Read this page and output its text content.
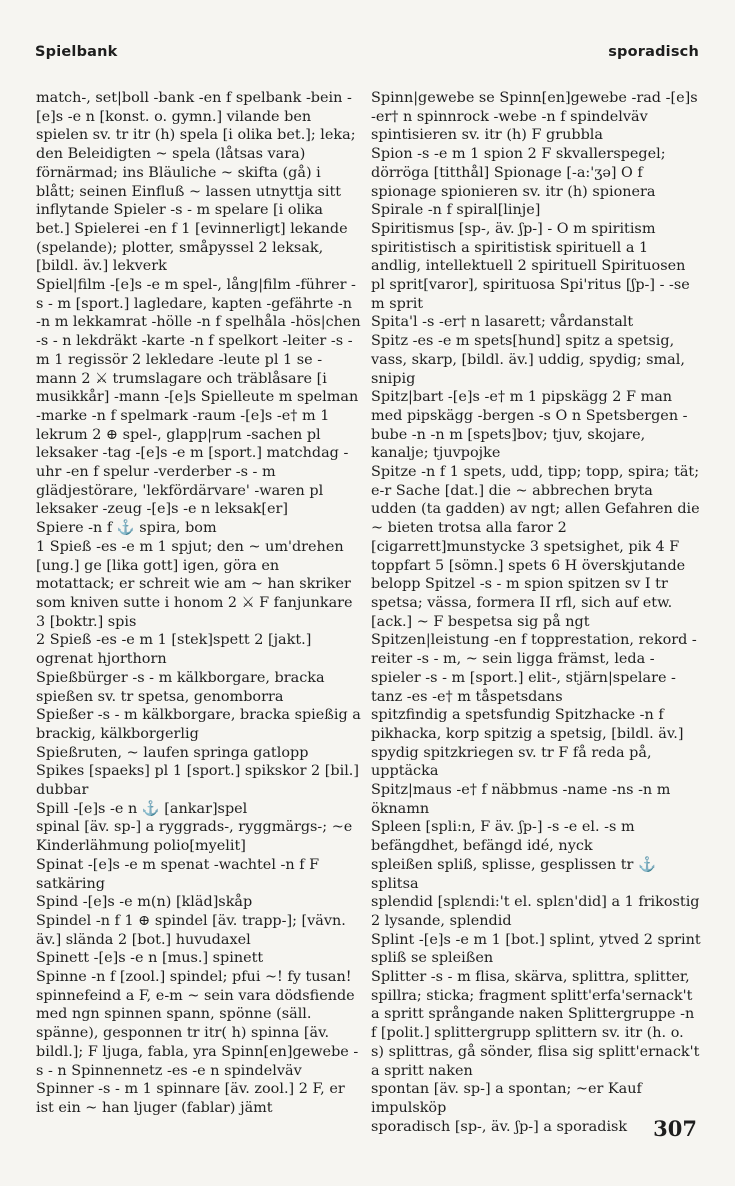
Spielbank	sporadisch

match-, set|boll -bank -en f spelbank -bein -[e]s -e n [konst. o. gymn.] vilande ben

spielen sv. tr itr (h) spela [i olika bet.]; leka; den Beleidigten ~ spela (låtsas vara) förnärmad; ins Bläuliche ~ skifta (gå) i blått; seinen Einfluß ~ lassen utnyttja sitt inflytande Spieler -s - m spelare [i olika bet.] Spielerei -en f 1 [evinnerligt] lekande (spelande); plotter, småpyssel 2 leksak, [bildl. äv.] lekverk

Spiel|film -[e]s -e m spel-, lång|film -führer -s - m [sport.] lagledare, kapten -gefährte -n -n m lekkamrat -hölle -n f spelhåla -hös|chen -s - n lekdräkt -karte -n f spelkort -leiter -s - m 1 regissör 2 lekledare -leute pl 1 se -mann 2 ⚔ trumslagare och träblåsare [i musikkår] -mann -[e]s Spielleute m spelman -marke -n f spelmark -raum -[e]s -e† m 1 lekrum 2 ⊕ spel-, glapp|rum -sachen pl leksaker -tag -[e]s -e m [sport.] matchdag -uhr -en f spelur -verderber -s - m glädjestörare, 'lekfördärvare' -waren pl leksaker -zeug -[e]s -e n leksak[er]

Spiere -n f ⚓ spira, bom

1 Spieß -es -e m 1 spjut; den ~ um'drehen [ung.] ge [lika gott] igen, göra en motattack; er schreit wie am ~ han skriker som kniven sutte i honom 2 ⚔ F fanjunkare 3 [boktr.] spis

2 Spieß -es -e m 1 [stek]spett 2 [jakt.] ogrenat hjorthorn

Spießbürger -s - m kälkborgare, bracka

spießen sv. tr spetsa, genomborra

Spießer -s - m kälkborgare, bracka spießig a brackig, kälkborgerlig

Spießruten, ~ laufen springa gatlopp

Spikes [spaeks] pl 1 [sport.] spikskor 2 [bil.] dubbar

Spill -[e]s -e n ⚓ [ankar]spel

spinal [äv. sp-] a ryggrads-, ryggmärgs-; ~e Kinderlähmung polio[myelit]

Spinat -[e]s -e m spenat -wachtel -n f F satkäring

Spind -[e]s -e m(n) [kläd]skåp

Spindel -n f 1 ⊕ spindel [äv. trapp-]; [vävn. äv.] slända 2 [bot.] huvudaxel

Spinett -[e]s -e n [mus.] spinett

Spinne -n f [zool.] spindel; pfui ~! fy tusan! spinnefeind a F, e-m ~ sein vara dödsfiende med ngn spinnen spann, spönne (säll. spänne), gesponnen tr itr( h) spinna [äv. bildl.]; F ljuga, fabla, yra Spinn[en]gewebe -s - n Spinnennetz -es -e n spindelväv Spinner -s - m 1 spinnare [äv. zool.] 2 F, er ist ein ~ han ljuger (fablar) jämt

Spinn|gewebe se Spinn[en]gewebe -rad -[e]s -er† n spinnrock -webe -n f spindelväv

spintisieren sv. itr (h) F grubbla

Spion -s -e m 1 spion 2 F skvallerspegel; dörröga [titthål] Spionage [-a:'ʒə] O f spionage spionieren sv. itr (h) spionera

Spirale -n f spiral[linje]

Spiritismus [sp-, äv. ʃp-] - O m spiritism spiritistisch a spiritistisk spirituell a 1 andlig, intellektuell 2 spirituell Spirituosen pl sprit[varor], spirituosa Spi'ritus [ʃp-] - -se m sprit

Spita'l -s -er† n lasarett; vårdanstalt

Spitz -es -e m spets[hund] spitz a spetsig, vass, skarp, [bildl. äv.] uddig, spydig; smal, snipig

Spitz|bart -[e]s -e† m 1 pipskägg 2 F man med pipskägg -bergen -s O n Spetsbergen -bube -n -n m [spets]bov; tjuv, skojare, kanalje; tjuvpojke

Spitze -n f 1 spets, udd, tipp; topp, spira; tät; e-r Sache [dat.] die ~ abbrechen bryta udden (ta gadden) av ngt; allen Gefahren die ~ bieten trotsa alla faror 2 [cigarrett]munstycke 3 spetsighet, pik 4 F toppfart 5 [sömn.] spets 6 H överskjutande belopp Spitzel -s - m spion spitzen sv I tr spetsa; vässa, formera II rfl, sich auf etw. [ack.] ~ F bespetsa sig på ngt

Spitzen|leistung -en f topprestation, rekord -reiter -s - m, ~ sein ligga främst, leda -spieler -s - m [sport.] elit-, stjärn|spelare -tanz -es -e† m tåspetsdans

spitzfindig a spetsfundig Spitzhacke -n f pikhacka, korp spitzig a spetsig, [bildl. äv.] spydig spitzkriegen sv. tr F få reda på, upptäcka

Spitz|maus -e† f näbbmus -name -ns -n m öknamn

Spleen [spli:n, F äv. ʃp-] -s -e el. -s m befängdhet, befängd idé, nyck

spleißen spliß, splisse, gesplissen tr ⚓ splitsa

splendid [splɛndi:'t el. splɛn'did] a 1 frikostig 2 lysande, splendid

Splint -[e]s -e m 1 [bot.] splint, ytved 2 sprint

spliß se spleißen

Splitter -s - m flisa, skärva, splittra, splitter, spillra; sticka; fragment splitt'erfa'sernack't a spritt språngande naken Splittergruppe -n f [polit.] splittergrupp splittern sv. itr (h. o. s) splittras, gå sönder, flisa sig splitt'ernack't a spritt naken

spontan [äv. sp-] a spontan; ~er Kauf impulsköp

sporadisch [sp-, äv. ʃp-] a sporadisk	307
